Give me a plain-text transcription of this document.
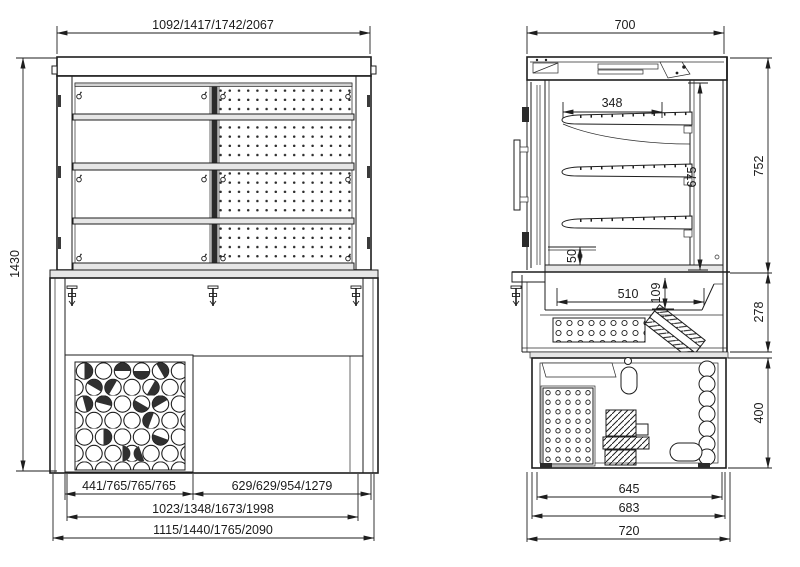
1092/1417/1742/2067
1430
700
348
675
752
50
510 109
278
400
645
683
720
441/765/765/765	629/629/954/1279
1023/1348/1673/1998
1115/1440/1765/2090
